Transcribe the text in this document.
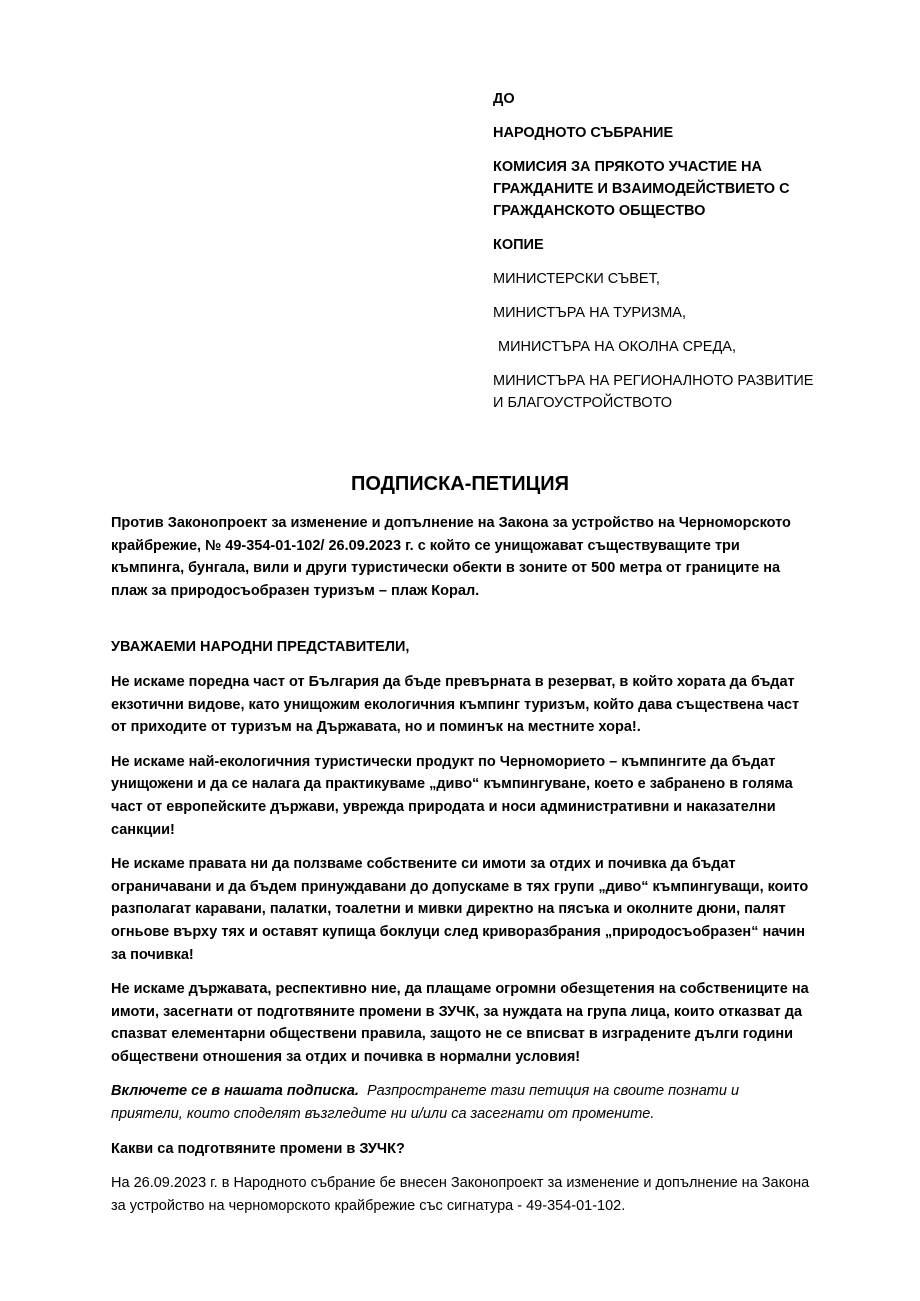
ДО
НАРОДНОТО СЪБРАНИЕ
КОМИСИЯ ЗА ПРЯКОТО УЧАСТИЕ НА ГРАЖДАНИТЕ И ВЗАИМОДЕЙСТВИЕТО С ГРАЖДАНСКОТО ОБЩЕСТВО
КОПИЕ
МИНИСТЕРСКИ СЪВЕТ,
МИНИСТЪРА НА ТУРИЗМА,
МИНИСТЪРА НА ОКОЛНА СРЕДА,
МИНИСТЪРА НА РЕГИОНАЛНОТО РАЗВИТИЕ И БЛАГОУСТРОЙСТВОТО
ПОДПИСКА-ПЕТИЦИЯ

Против Законопроект за изменение и допълнение на Закона за устройство на Черноморското крайбрежие, № 49-354-01-102/ 26.09.2023 г. с който се унищожават съществуващите три къмпинга, бунгала, вили и други туристически обекти в зоните от 500 метра от границите на плаж за природосъобразен туризъм – плаж Корал.

УВАЖАЕМИ НАРОДНИ ПРЕДСТАВИТЕЛИ,

Не искаме поредна част от България да бъде превърната в резерват, в който хората да бъдат екзотични видове, като унищожим екологичния къмпинг туризъм, който дава съществена част от приходите от туризъм на Държавата, но и поминък на местните хора!.

Не искаме най-екологичния туристически продукт по Черноморието – къмпингите да бъдат унищожени и да се налага да практикуваме „диво“ къмпингуване, което е забранено в голяма част от европейските държави, уврежда природата и носи административни и наказателни санкции!

Не искаме правата ни да ползваме собствените си имоти за отдих и почивка да бъдат ограничавани и да бъдем принуждавани до допускаме в тях групи „диво“ къмпингуващи, които разполагат каравани, палатки, тоалетни и мивки директно на пясъка и околните дюни, палят огньове върху тях и оставят купища боклуци след криворазбрания „природосъобразен“ начин за почивка!

Не искаме държавата, респективно ние, да плащаме огромни обезщетения на собствениците на имоти, засегнати от подготвяните промени в ЗУЧК, за нуждата на група лица, които отказват да спазват елементарни обществени правила, защото не се вписват в изградените дълги години обществени отношения за отдих и почивка в нормални условия!

Включете се в нашата подписка. Разпространете тази петиция на своите познати и приятели, които споделят възгледите ни и/или са засегнати от промените.

Какви са подготвяните промени в ЗУЧК?

На 26.09.2023 г. в Народното събрание бе внесен Законопроект за изменение и допълнение на Закона за устройство на черноморското крайбрежие със сигнатура - 49-354-01-102.
